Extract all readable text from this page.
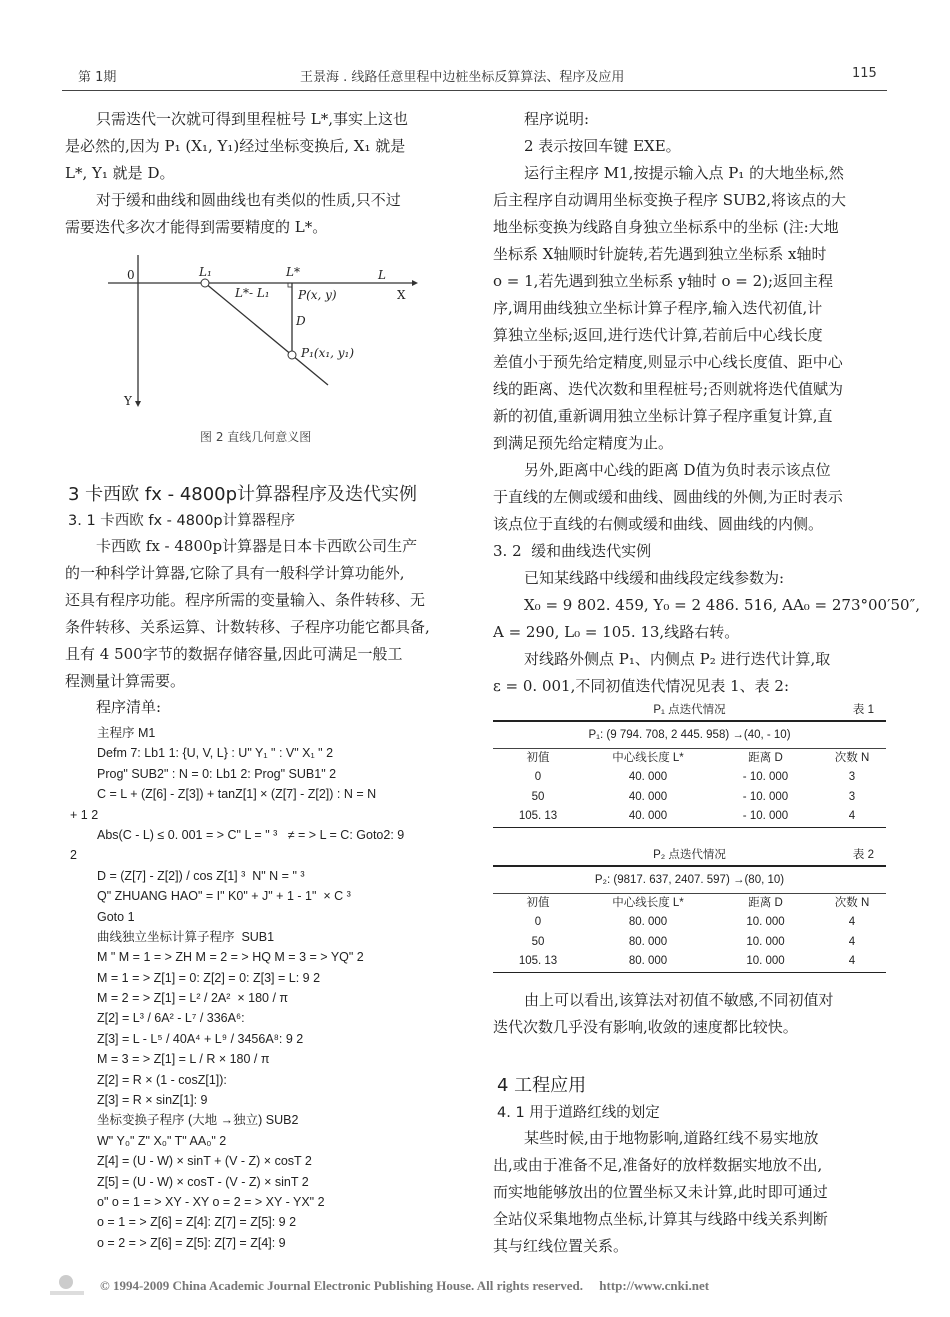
第 1期	王景海 . 线路任意里程中边桩坐标反算算法、程序及应用	115
只需迭代一次就可得到里程桩号 L*,事实上这也
是必然的,因为 P₁ (X₁, Y₁)经过坐标变换后, X₁ 就是
L*, Y₁ 就是 D。
对于缓和曲线和圆曲线也有类似的性质,只不过
需要迭代多次才能得到需要精度的 L*。
0	L₁	L*	L
X
Y
L*- L₁ P(x, y)
D
P₁(x₁, y₁)
图 2 直线几何意义图
3 卡西欧 fx - 4800p计算器程序及迭代实例
3. 1 卡西欧 fx - 4800p计算器程序
卡西欧 fx - 4800p计算器是日本卡西欧公司生产
的一种科学计算器,它除了具有一般科学计算功能外,
还具有程序功能。程序所需的变量输入、条件转移、无
条件转移、关系运算、计数转移、子程序功能它都具备,
且有 4 500字节的数据存储容量,因此可满足一般工
程测量计算需要。
程序清单:
主程序 M1
Defm 7: Lb1 1: {U, V, L} : U" Y₁ " : V" X₁ " 2
Prog" SUB2" : N = 0: Lb1 2: Prog" SUB1" 2
C = L + (Z[6] - Z[3]) + tanZ[1] × (Z[7] - Z[2]) : N = N
+ 1 2
Abs(C - L) ≤ 0. 001 = > C" L = " ³   ≠ = > L = C: Goto2: 9
2
D = (Z[7] - Z[2]) / cos Z[1] ³  N" N = " ³
Q" ZHUANG HAO" = I" K0" + J" + 1 - 1"  × C ³
Goto 1
曲线独立坐标计算子程序  SUB1
M " M = 1 = > ZH M = 2 = > HQ M = 3 = > YQ" 2
M = 1 = > Z[1] = 0: Z[2] = 0: Z[3] = L: 9 2
M = 2 = > Z[1] = L² / 2A²  × 180 / π
Z[2] = L³ / 6A² - L⁷ / 336A⁶:
Z[3] = L - L⁵ / 40A⁴ + L⁹ / 3456A⁸: 9 2
M = 3 = > Z[1] = L / R × 180 / π
Z[2] = R × (1 - cosZ[1]):
Z[3] = R × sinZ[1]: 9
坐标变换子程序 (大地 →独立) SUB2
W" Y₀" Z" X₀" T" AA₀" 2
Z[4] = (U - W) × sinT + (V - Z) × cosT 2
Z[5] = (U - W) × cosT - (V - Z) × sinT 2
o" o = 1 = > XY - XY o = 2 = > XY - YX" 2
o = 1 = > Z[6] = Z[4]: Z[7] = Z[5]: 9 2
o = 2 = > Z[6] = Z[5]: Z[7] = Z[4]: 9
程序说明:
2 表示按回车键 EXE。
运行主程序 M1,按提示输入点 P₁ 的大地坐标,然
后主程序自动调用坐标变换子程序 SUB2,将该点的大
地坐标变换为线路自身独立坐标系中的坐标 (注:大地
坐标系 X轴顺时针旋转,若先遇到独立坐标系 x轴时
o = 1,若先遇到独立坐标系 y轴时 o = 2);返回主程
序,调用曲线独立坐标计算子程序,输入迭代初值,计
算独立坐标;返回,进行迭代计算,若前后中心线长度
差值小于预先给定精度,则显示中心线长度值、距中心
线的距离、迭代次数和里程桩号;否则就将迭代值赋为
新的初值,重新调用独立坐标计算子程序重复计算,直
到满足预先给定精度为止。
另外,距离中心线的距离 D值为负时表示该点位
于直线的左侧或缓和曲线、圆曲线的外侧,为正时表示
该点位于直线的右侧或缓和曲线、圆曲线的内侧。
3. 2  缓和曲线迭代实例
已知某线路中线缓和曲线段定线参数为:
X₀ = 9 802. 459, Y₀ = 2 486. 516, AA₀ = 273°00′50″,
A = 290, L₀ = 105. 13,线路右转。
对线路外侧点 P₁、内侧点 P₂ 进行迭代计算,取
ε = 0. 001,不同初值迭代情况见表 1、表 2:
P₁ 点迭代情况	表 1
P₁: (9 794. 708, 2 445. 958) →(40, - 10)
初值	中心线长度 L*	距离 D	次数 N
0	40. 000	- 10. 000	3
50	40. 000	- 10. 000	3
105. 13	40. 000	- 10. 000	4
P₂ 点迭代情况	表 2
P₂: (9817. 637, 2407. 597) →(80, 10)
初值	中心线长度 L*	距离 D	次数 N
0	80. 000	10. 000	4
50	80. 000	10. 000	4
105. 13	80. 000	10. 000	4
由上可以看出,该算法对初值不敏感,不同初值对
迭代次数几乎没有影响,收敛的速度都比较快。
4 工程应用
4. 1 用于道路红线的划定
某些时候,由于地物影响,道路红线不易实地放
出,或由于准备不足,准备好的放样数据实地放不出,
而实地能够放出的位置坐标又未计算,此时即可通过
全站仪采集地物点坐标,计算其与线路中线关系判断
其与红线位置关系。
© 1994-2009 China Academic Journal Electronic Publishing House. All rights reserved. http://www.cnki.net
